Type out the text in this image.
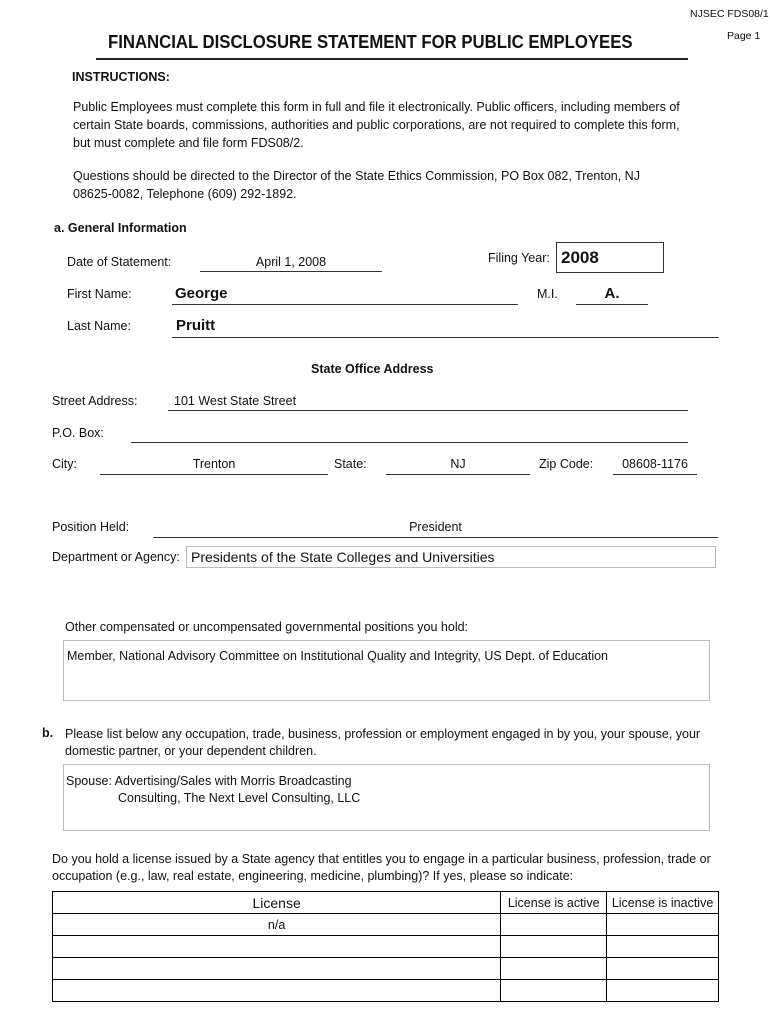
NJSEC FDS08/1
Page 1
FINANCIAL DISCLOSURE STATEMENT FOR PUBLIC EMPLOYEES
INSTRUCTIONS:
Public Employees must complete this form in full and file it electronically. Public officers, including members of
certain State boards, commissions, authorities and public corporations, are not required to complete this form,
but must complete and file form FDS08/2.
Questions should be directed to the Director of the State Ethics Commission, PO Box 082, Trenton, NJ
08625-0082, Telephone (609) 292-1892.
a. General Information
Date of Statement:	April 1, 2008	Filing Year: 2008
First Name:	George	M.I.	A.
Last Name:	Pruitt
State Office Address
Street Address:	101 West State Street
P.O. Box:
City:	Trenton	State:	NJ	Zip Code:	08608-1176
Position Held:	President
Department or Agency: Presidents of the State Colleges and Universities
Other compensated or uncompensated governmental positions you hold:
Member, National Advisory Committee on Institutional Quality and Integrity, US Dept. of Education
b. Please list below any occupation, trade, business, profession or employment engaged in by you, your spouse, your
domestic partner, or your dependent children.
Spouse: Advertising/Sales with Morris Broadcasting
Consulting, The Next Level Consulting, LLC
Do you hold a license issued by a State agency that entitles you to engage in a particular business, profession, trade or
occupation (e.g., law, real estate, engineering, medicine, plumbing)? If yes, please so indicate:
License	License is active	License is inactive
n/a		
